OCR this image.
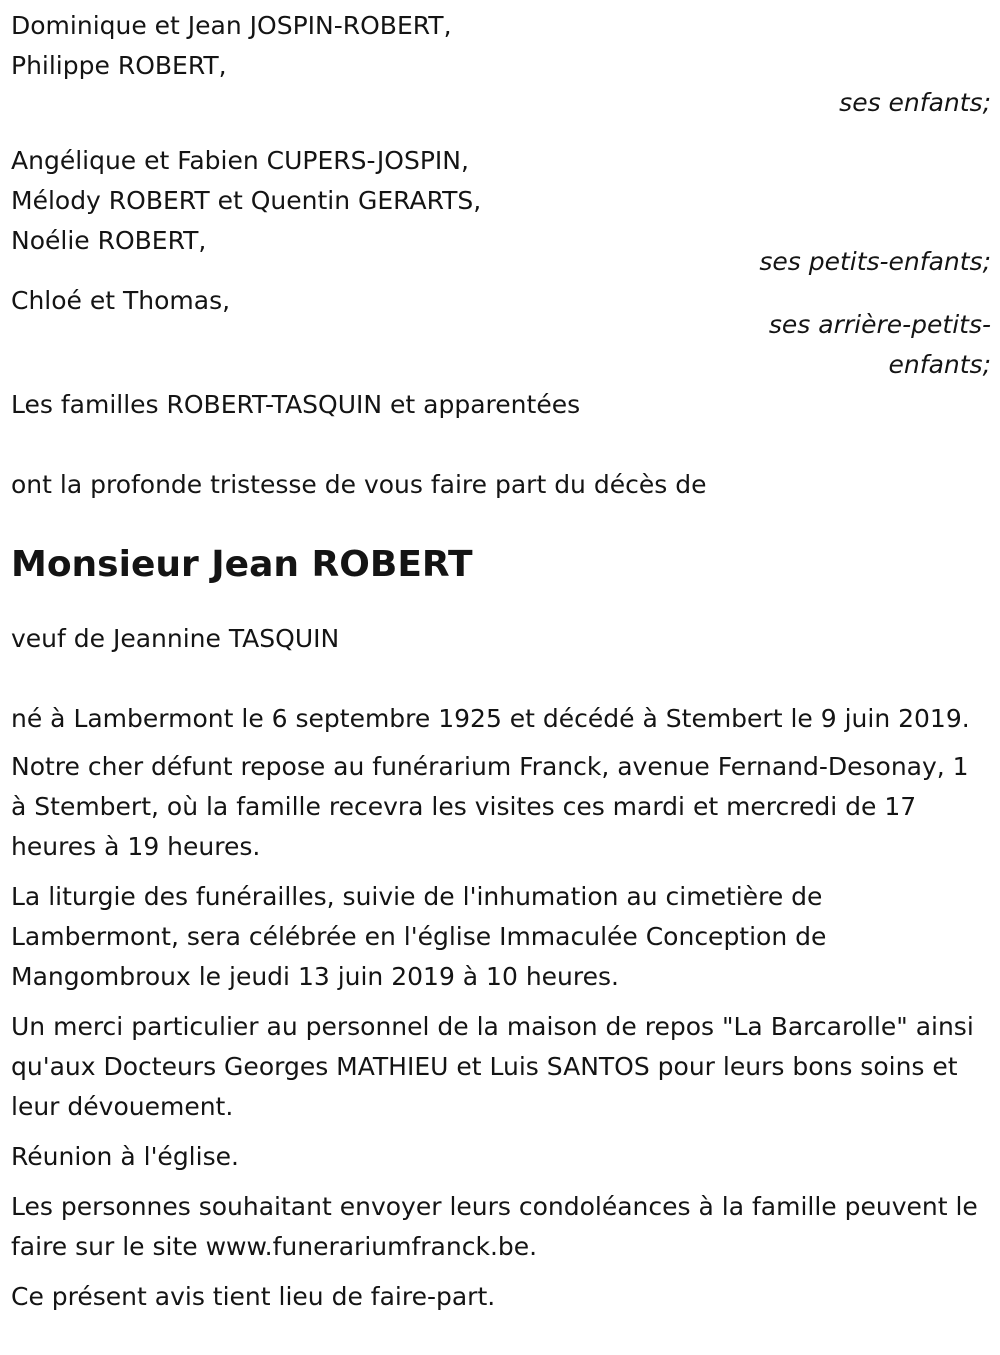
Dominique et Jean JOSPIN-ROBERT,

Philippe ROBERT,

ses enfants;

Angélique et Fabien CUPERS-JOSPIN,

Mélody ROBERT et Quentin GERARTS,

Noélie ROBERT,

ses petits-enfants;

Chloé et Thomas,

ses arrière-petits-

enfants;

Les familles ROBERT-TASQUIN et apparentées

ont la profonde tristesse de vous faire part du décès de

Monsieur Jean ROBERT

veuf de Jeannine TASQUIN

né à Lambermont le 6 septembre 1925 et décédé à Stembert le 9 juin 2019.

Notre cher défunt repose au funérarium Franck, avenue Fernand-Desonay, 1 à Stembert, où la famille recevra les visites ces mardi et mercredi de 17 heures à 19 heures.

La liturgie des funérailles, suivie de l'inhumation au cimetière de Lambermont, sera célébrée en l'église Immaculée Conception de Mangombroux le jeudi 13 juin 2019 à 10 heures.

Un merci particulier au personnel de la maison de repos "La Barcarolle" ainsi qu'aux Docteurs Georges MATHIEU et Luis SANTOS pour leurs bons soins et leur dévouement.

Réunion à l'église.

Les personnes souhaitant envoyer leurs condoléances à la famille peuvent le faire sur le site www.funerariumfranck.be.

Ce présent avis tient lieu de faire-part.
